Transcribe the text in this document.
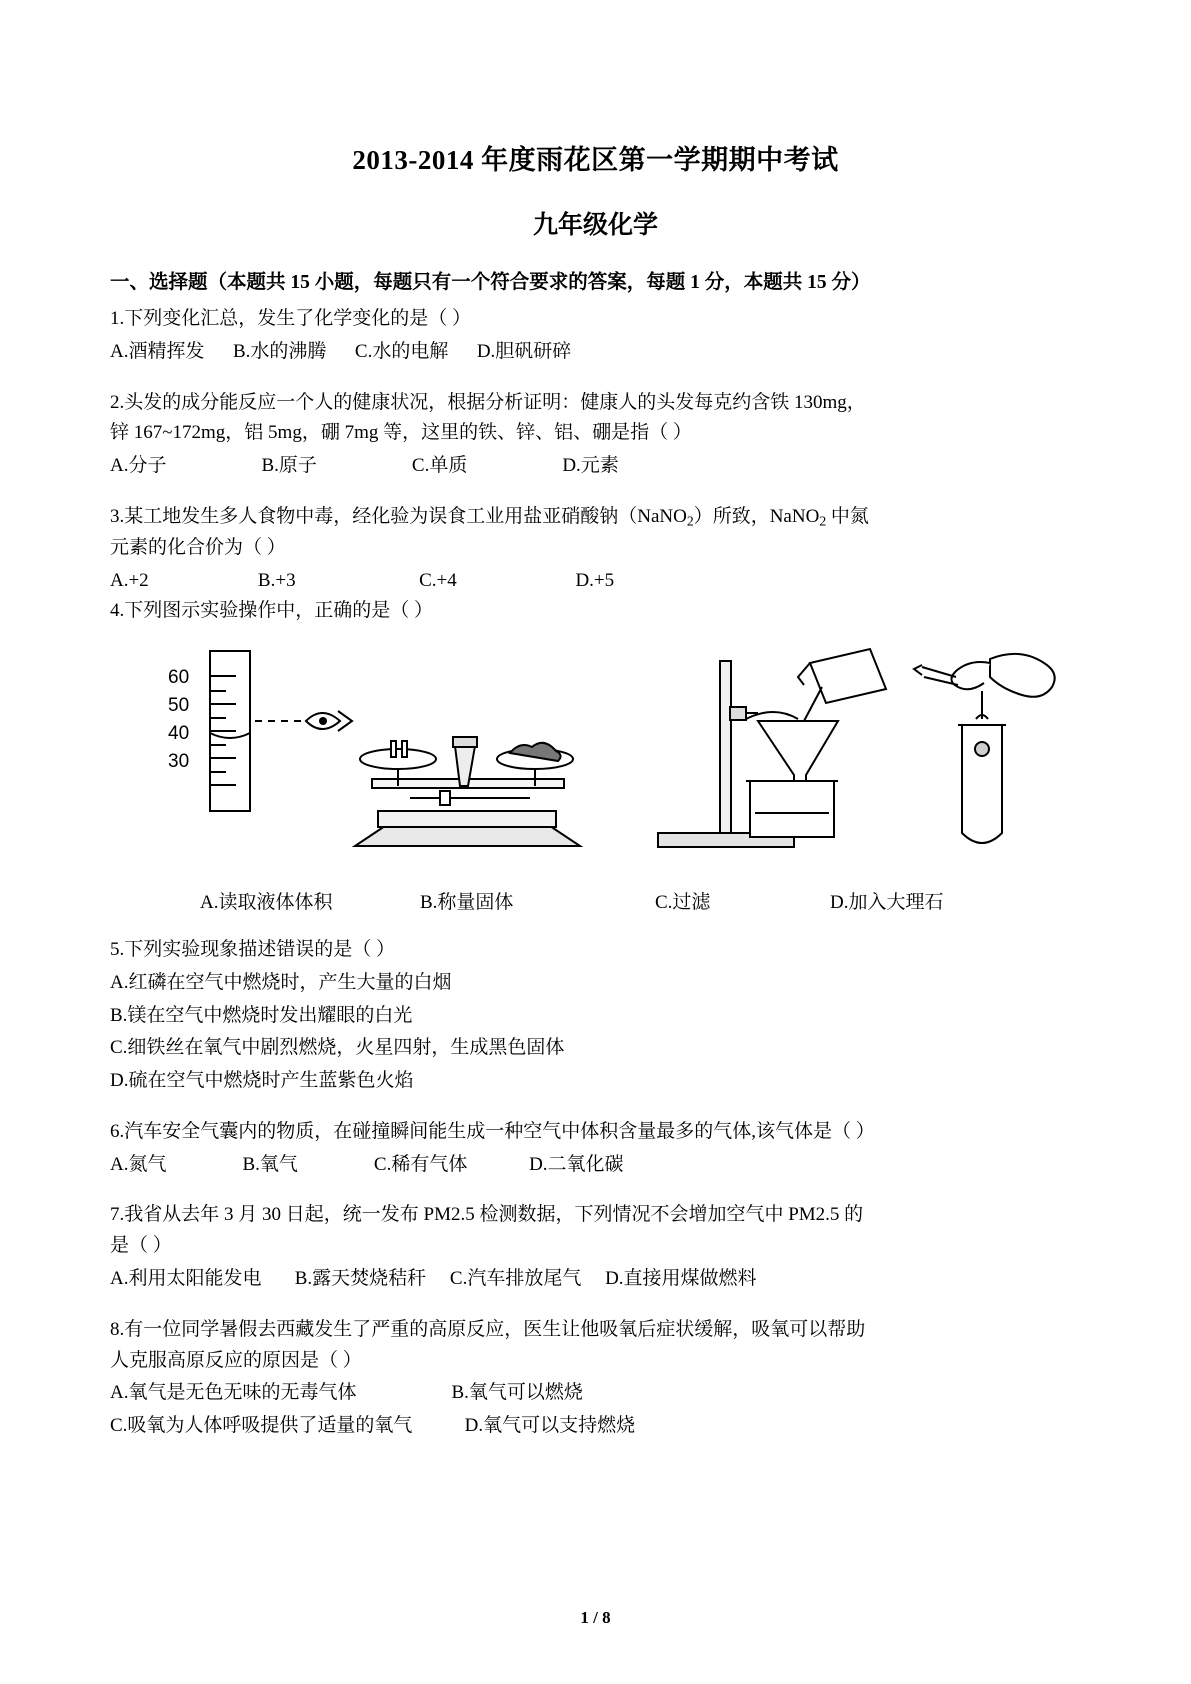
2013-2014 年度雨花区第一学期期中考试
九年级化学
一、选择题（本题共 15 小题，每题只有一个符合要求的答案，每题 1 分，本题共 15 分）
1.下列变化汇总，发生了化学变化的是（ ）
A.酒精挥发      B.水的沸腾      C.水的电解      D.胆矾研碎
2.头发的成分能反应一个人的健康状况，根据分析证明：健康人的头发每克约含铁 130mg，
锌 167~172mg，铝 5mg，硼 7mg 等，这里的铁、锌、铝、硼是指（ ）
A.分子                    B.原子                    C.单质                    D.元素
3.某工地发生多人食物中毒，经化验为误食工业用盐亚硝酸钠（NaNO$_2$）所致，NaNO$_2$ 中氮
元素的化合价为（ ）
A.+2                       B.+3                          C.+4                         D.+5
4.下列图示实验操作中，正确的是（ ）
60
50
40
30
A.读取液体体积	B.称量固体	C.过滤	D.加入大理石
5.下列实验现象描述错误的是（ ）
A.红磷在空气中燃烧时，产生大量的白烟
B.镁在空气中燃烧时发出耀眼的白光
C.细铁丝在氧气中剧烈燃烧，火星四射，生成黑色固体
D.硫在空气中燃烧时产生蓝紫色火焰
6.汽车安全气囊内的物质，在碰撞瞬间能生成一种空气中体积含量最多的气体,该气体是（ ）
A.氮气                B.氧气                C.稀有气体             D.二氧化碳
7.我省从去年 3 月 30 日起，统一发布 PM2.5 检测数据，下列情况不会增加空气中 PM2.5 的
是（ ）
A.利用太阳能发电       B.露天焚烧秸秆     C.汽车排放尾气     D.直接用煤做燃料
8.有一位同学暑假去西藏发生了严重的高原反应，医生让他吸氧后症状缓解，吸氧可以帮助
人克服高原反应的原因是（ ）
A.氧气是无色无味的无毒气体                    B.氧气可以燃烧
C.吸氧为人体呼吸提供了适量的氧气           D.氧气可以支持燃烧
1 / 8
